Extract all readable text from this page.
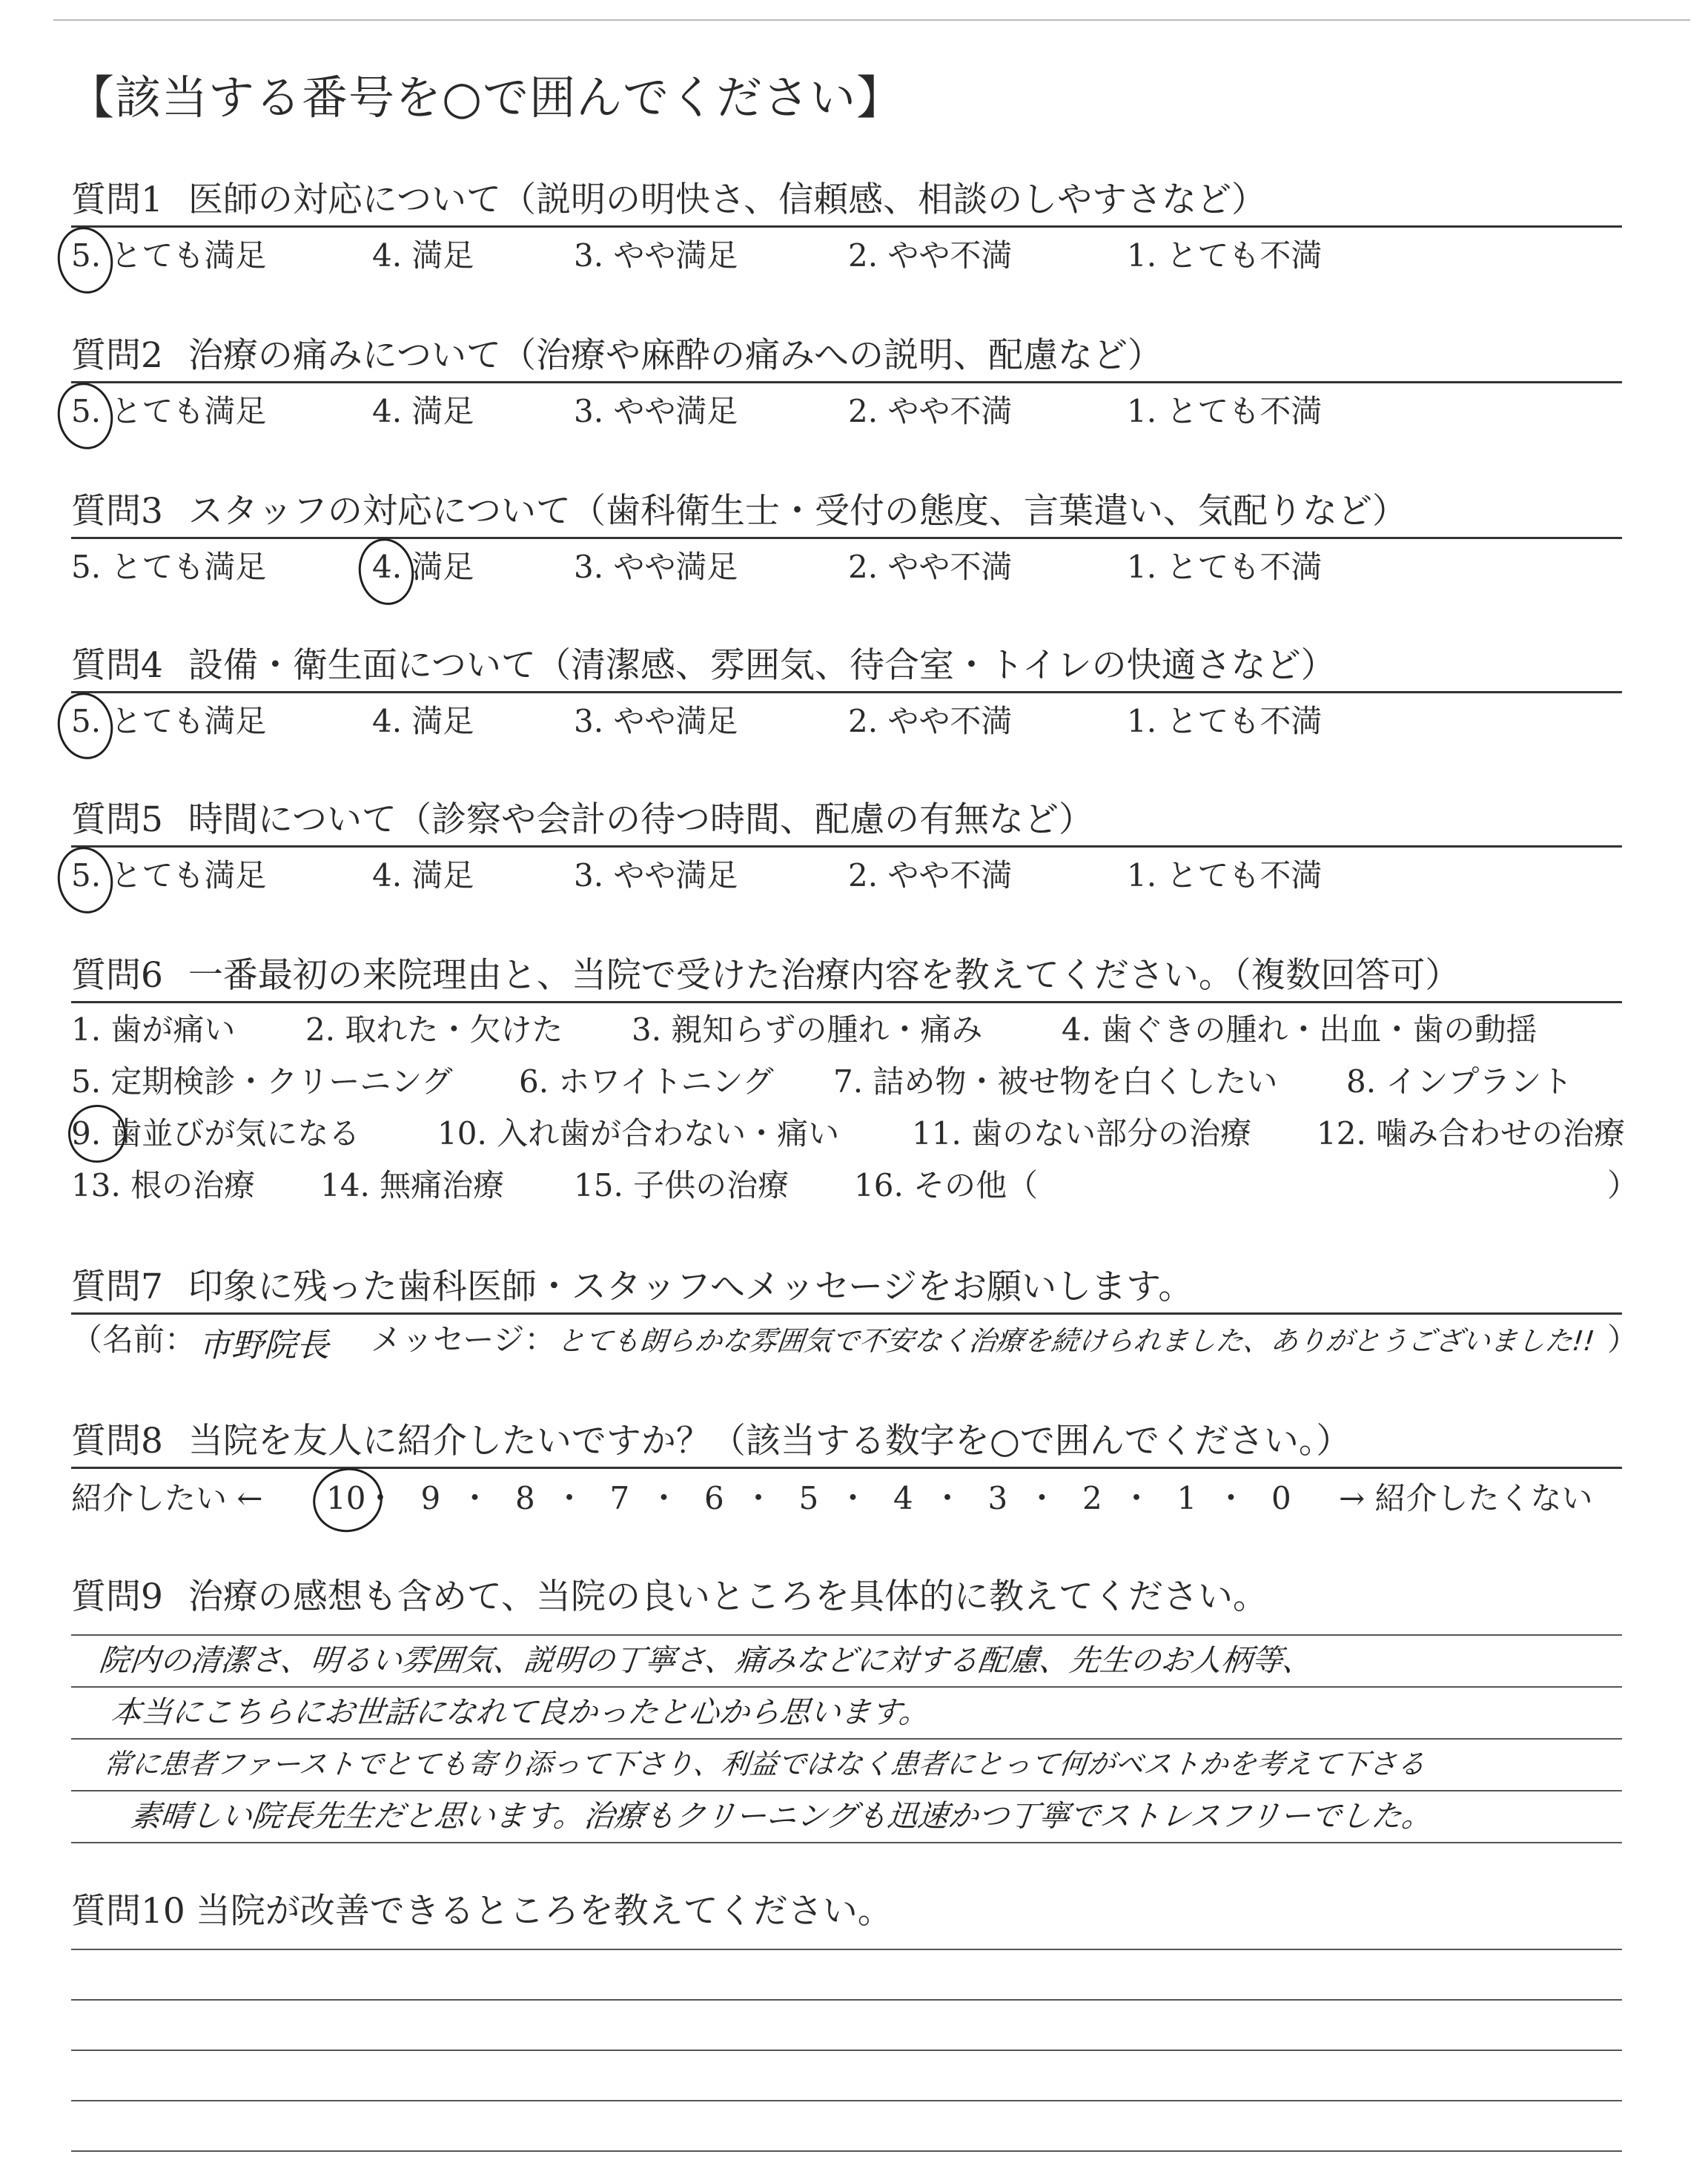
【該当する番号を○で囲んでください】
質問1 医師の対応について（説明の明快さ、信頼感、相談のしやすさなど）
質問2 治療の痛みについて（治療や麻酔の痛みへの説明、配慮など）
質問3 スタッフの対応について（歯科衛生士・受付の態度、言葉遣い、気配りなど）
質問4 設備・衛生面について（清潔感、雰囲気、待合室・トイレの快適さなど）
質問5 時間について（診察や会計の待つ時間、配慮の有無など）
質問6 一番最初の来院理由と、当院で受けた治療内容を教えてください。（複数回答可）
1. 歯が痛い 2. 取れた・欠けた 3. 親知らずの腫れ・痛み	4. 歯ぐきの腫れ・出血・歯の動揺
5. 定期検診・クリーニング 6. ホワイトニング 7. 詰め物・被せ物を白くしたい 8. インプラント
9. 歯並びが気になる 10. 入れ歯が合わない・痛い 11. 歯のない部分の治療 12. 噛み合わせの治療
13. 根の治療 14. 無痛治療 15. 子供の治療 16. その他（	）
質問7 印象に残った歯科医師・スタッフへメッセージをお願いします。
（名前： 市野院長 メッセージ： とても朗らかな雰囲気で不安なく治療を続けられました、ありがとうございました!! ）
質問8 当院を友人に紹介したいですか？（該当する数字を○で囲んでください。）
紹介したい ←	→ 紹介したくない
質問9 治療の感想も含めて、当院の良いところを具体的に教えてください。
院内の清潔さ、明るい雰囲気、説明の丁寧さ、痛みなどに対する配慮、先生のお人柄等、
本当にこちらにお世話になれて良かったと心から思います。
常に患者ファーストでとても寄り添って下さり、利益ではなく患者にとって何がベストかを考えて下さる
素晴しい院長先生だと思います。治療もクリーニングも迅速かつ丁寧でストレスフリーでした。
質問10 当院が改善できるところを教えてください。
5. とても満足	4. 満足	3. やや満足	2. やや不満	1. とても不満
5. とても満足	4. 満足	3. やや満足	2. やや不満	1. とても不満
5. とても満足	4. 満足	3. やや満足	2. やや不満	1. とても不満
5. とても満足	4. 満足	3. やや満足	2. やや不満	1. とても不満
5. とても満足	4. 満足	3. やや満足	2. やや不満	1. とても不満
10
・ 9 ・ 8 ・ 7 ・ 6 ・ 5 ・ 4 ・ 3 ・ 2 ・ 1 ・ 0
